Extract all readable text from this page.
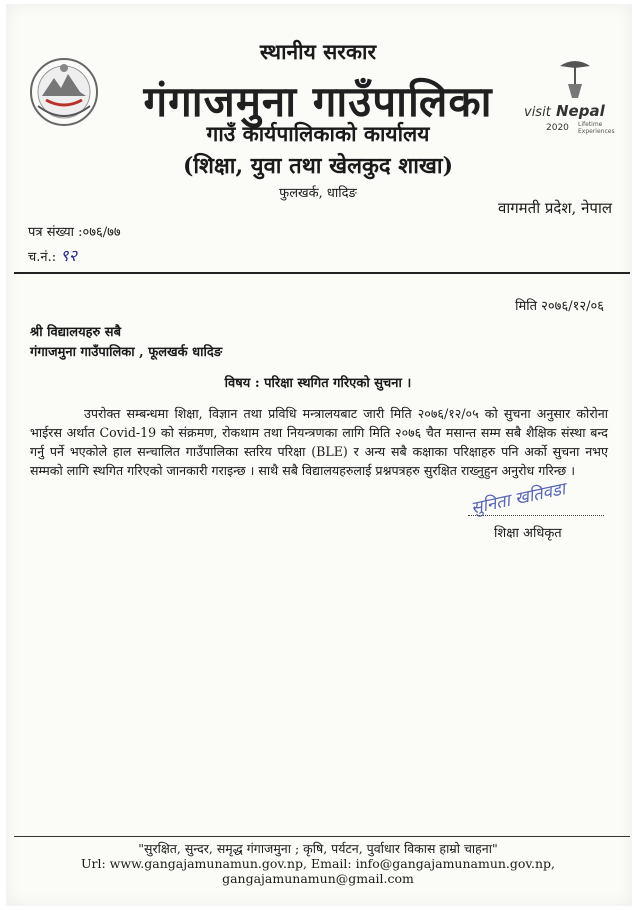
visit Nepal
2020 Lifetime
Experiences
स्थानीय सरकार
गंगाजमुना गाउँपालिका
गाउँ कार्यपालिकाको कार्यालय
(शिक्षा, युवा तथा खेलकुद शाखा)
फुलखर्क, धादिङ
वागमती प्रदेश, नेपाल
पत्र संख्या :०७६/७७
च.नं.: ९२
मिति २०७६/१२/०६
श्री विद्यालयहरु सबै
गंगाजमुना गाउँपालिका , फूलखर्क धादिङ
विषय : परिक्षा स्थगित गरिएको सुचना ।
उपरोक्त सम्बन्धमा शिक्षा, विज्ञान तथा प्रविधि मन्त्रालयबाट जारी मिति २०७६/१२/०५ को सुचना अनुसार कोरोना भाईरस अर्थात Covid-19 को संक्रमण, रोकथाम तथा नियन्त्रणका लागि मिति २०७६ चैत मसान्त सम्म सबै शैक्षिक संस्था बन्द गर्नु पर्ने भएकोले हाल सन्चालित गाउँपालिका स्तरिय परिक्षा (BLE) र अन्य सबै कक्षाका परिक्षाहरु पनि अर्को सुचना नभए सम्मको लागि स्थगित गरिएको जानकारी गराइन्छ । साथै सबै विद्यालयहरुलाई प्रश्नपत्रहरु सुरक्षित राख्नुहुन अनुरोध गरिन्छ ।
सुनिता खतिवडा
शिक्षा अधिकृत
"सुरक्षित, सुन्दर, समृद्ध गंगाजमुना ; कृषि, पर्यटन, पुर्वाधार विकास हाम्रो चाहना"
Url: www.gangajamunamun.gov.np, Email: info@gangajamunamun.gov.np, gangajamunamun@gmail.com
